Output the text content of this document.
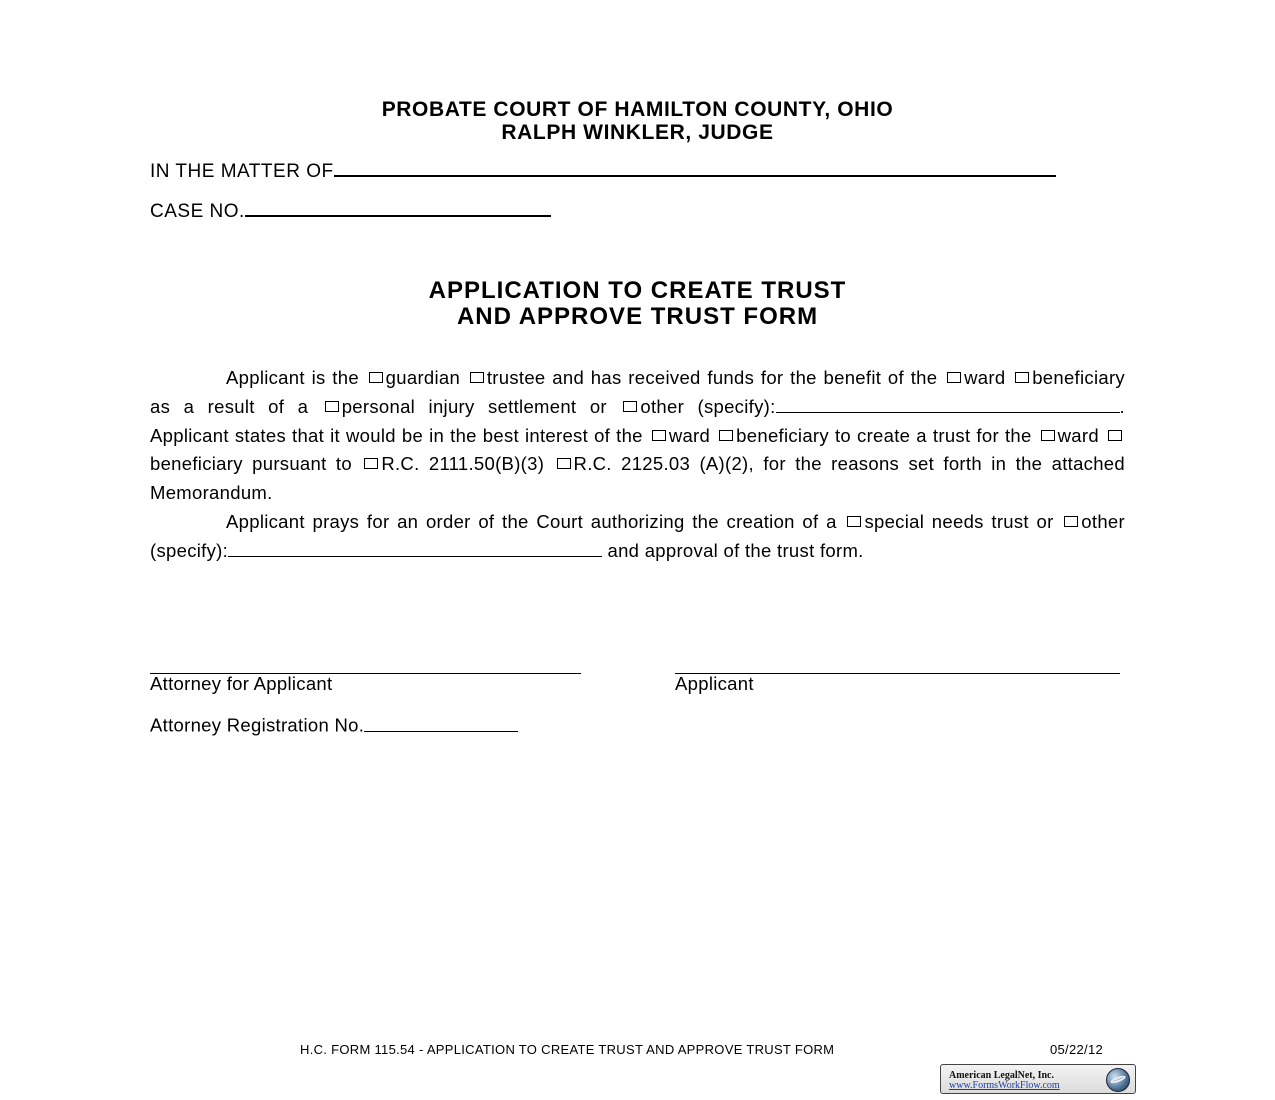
PROBATE COURT OF HAMILTON COUNTY, OHIO
RALPH WINKLER, JUDGE
IN THE MATTER OF
CASE NO.
APPLICATION TO CREATE TRUST
AND APPROVE TRUST FORM

Applicant is the guardian trustee and has received funds for the benefit of the ward beneficiary as a result of a personal injury settlement or other (specify):	. Applicant states that it would be in the best interest of the ward beneficiary to create a trust for the ward beneficiary pursuant to R.C. 2111.50(B)(3) R.C. 2125.03 (A)(2), for the reasons set forth in the attached Memorandum.

Applicant prays for an order of the Court authorizing the creation of a special needs trust or other (specify):	and approval of the trust form.

Attorney for Applicant	Applicant
Attorney Registration No.
H.C. FORM 115.54 - APPLICATION TO CREATE TRUST AND APPROVE TRUST FORM	05/22/12
American LegalNet, Inc.
www.FormsWorkFlow.com
